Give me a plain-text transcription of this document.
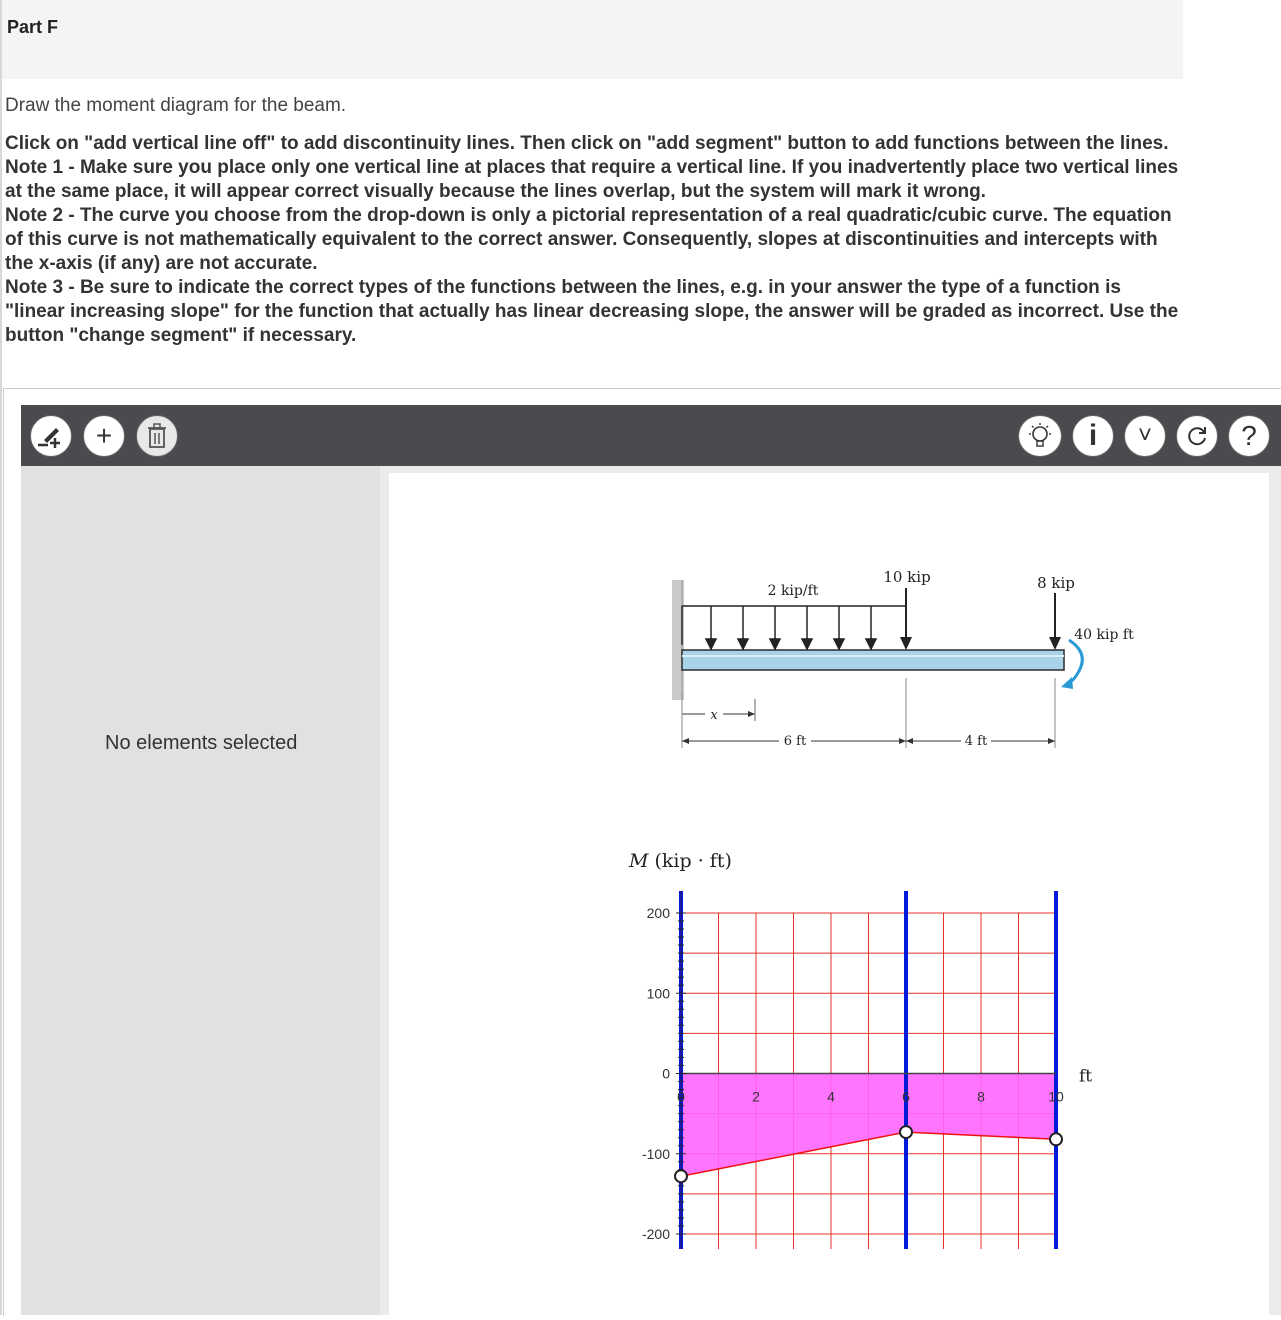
Part F
Draw the moment diagram for the beam.

Click on "add vertical line off" to add discontinuity lines. Then click on "add segment" button to add functions between the lines.

Note 1 - Make sure you place only one vertical line at places that require a vertical line. If you inadvertently place two vertical lines at the same place, it will appear correct visually because the lines overlap, but the system will mark it wrong.

Note 2 - The curve you choose from the drop-down is only a pictorial representation of a real quadratic/cubic curve. The equation of this curve is not mathematically equivalent to the correct answer. Consequently, slopes at discontinuities and intercepts with the x-axis (if any) are not accurate.

Note 3 - Be sure to indicate the correct types of the functions between the lines, e.g. in your answer the type of a function is "linear increasing slope" for the function that actually has linear decreasing slope, the answer will be graded as incorrect. Use the button "change segment" if necessary.

+	i ˅	?
No elements selected
2 kip/ft
10 kip	8 kip
40 kip ft
x
6 ft	4 ft
M (kip · ft)
200
100
0
-100
-200
0	2	4	6	8	10
ft
